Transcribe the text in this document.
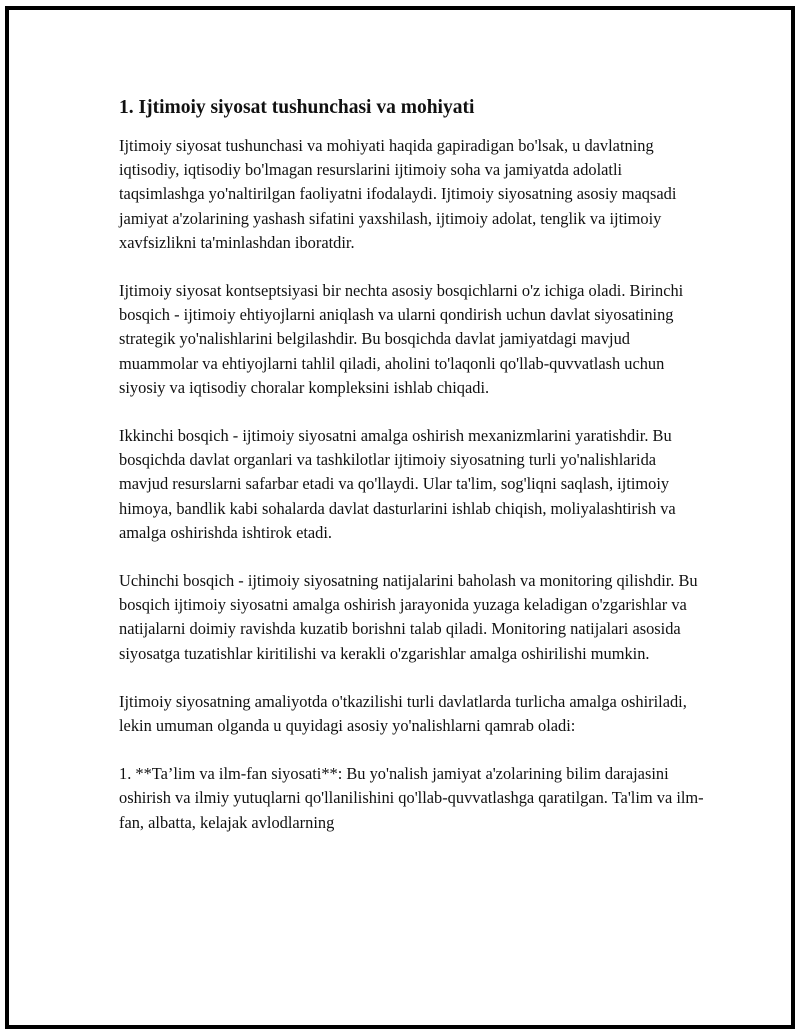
1. Ijtimoiy siyosat tushunchasi va mohiyati

Ijtimoiy siyosat tushunchasi va mohiyati haqida gapiradigan bo'lsak, u davlatning iqtisodiy, iqtisodiy bo'lmagan resurslarini ijtimoiy soha va jamiyatda adolatli taqsimlashga yo'naltirilgan faoliyatni ifodalaydi. Ijtimoiy siyosatning asosiy maqsadi jamiyat a'zolarining yashash sifatini yaxshilash, ijtimoiy adolat, tenglik va ijtimoiy xavfsizlikni ta'minlashdan iboratdir.

Ijtimoiy siyosat kontseptsiyasi bir nechta asosiy bosqichlarni o'z ichiga oladi. Birinchi bosqich - ijtimoiy ehtiyojlarni aniqlash va ularni qondirish uchun davlat siyosatining strategik yo'nalishlarini belgilashdir. Bu bosqichda davlat jamiyatdagi mavjud muammolar va ehtiyojlarni tahlil qiladi, aholini to'laqonli qo'llab-quvvatlash uchun siyosiy va iqtisodiy choralar kompleksini ishlab chiqadi.

Ikkinchi bosqich - ijtimoiy siyosatni amalga oshirish mexanizmlarini yaratishdir. Bu bosqichda davlat organlari va tashkilotlar ijtimoiy siyosatning turli yo'nalishlarida mavjud resurslarni safarbar etadi va qo'llaydi. Ular ta'lim, sog'liqni saqlash, ijtimoiy himoya, bandlik kabi sohalarda davlat dasturlarini ishlab chiqish, moliyalashtirish va amalga oshirishda ishtirok etadi.

Uchinchi bosqich - ijtimoiy siyosatning natijalarini baholash va monitoring qilishdir. Bu bosqich ijtimoiy siyosatni amalga oshirish jarayonida yuzaga keladigan o'zgarishlar va natijalarni doimiy ravishda kuzatib borishni talab qiladi. Monitoring natijalari asosida siyosatga tuzatishlar kiritilishi va kerakli o'zgarishlar amalga oshirilishi mumkin.

Ijtimoiy siyosatning amaliyotda o'tkazilishi turli davlatlarda turlicha amalga oshiriladi, lekin umuman olganda u quyidagi asosiy yo'nalishlarni qamrab oladi:

1. **Ta’lim va ilm-fan siyosati**: Bu yo'nalish jamiyat a'zolarining bilim darajasini oshirish va ilmiy yutuqlarni qo'llanilishini qo'llab-quvvatlashga qaratilgan. Ta'lim va ilm-fan, albatta, kelajak avlodlarning
